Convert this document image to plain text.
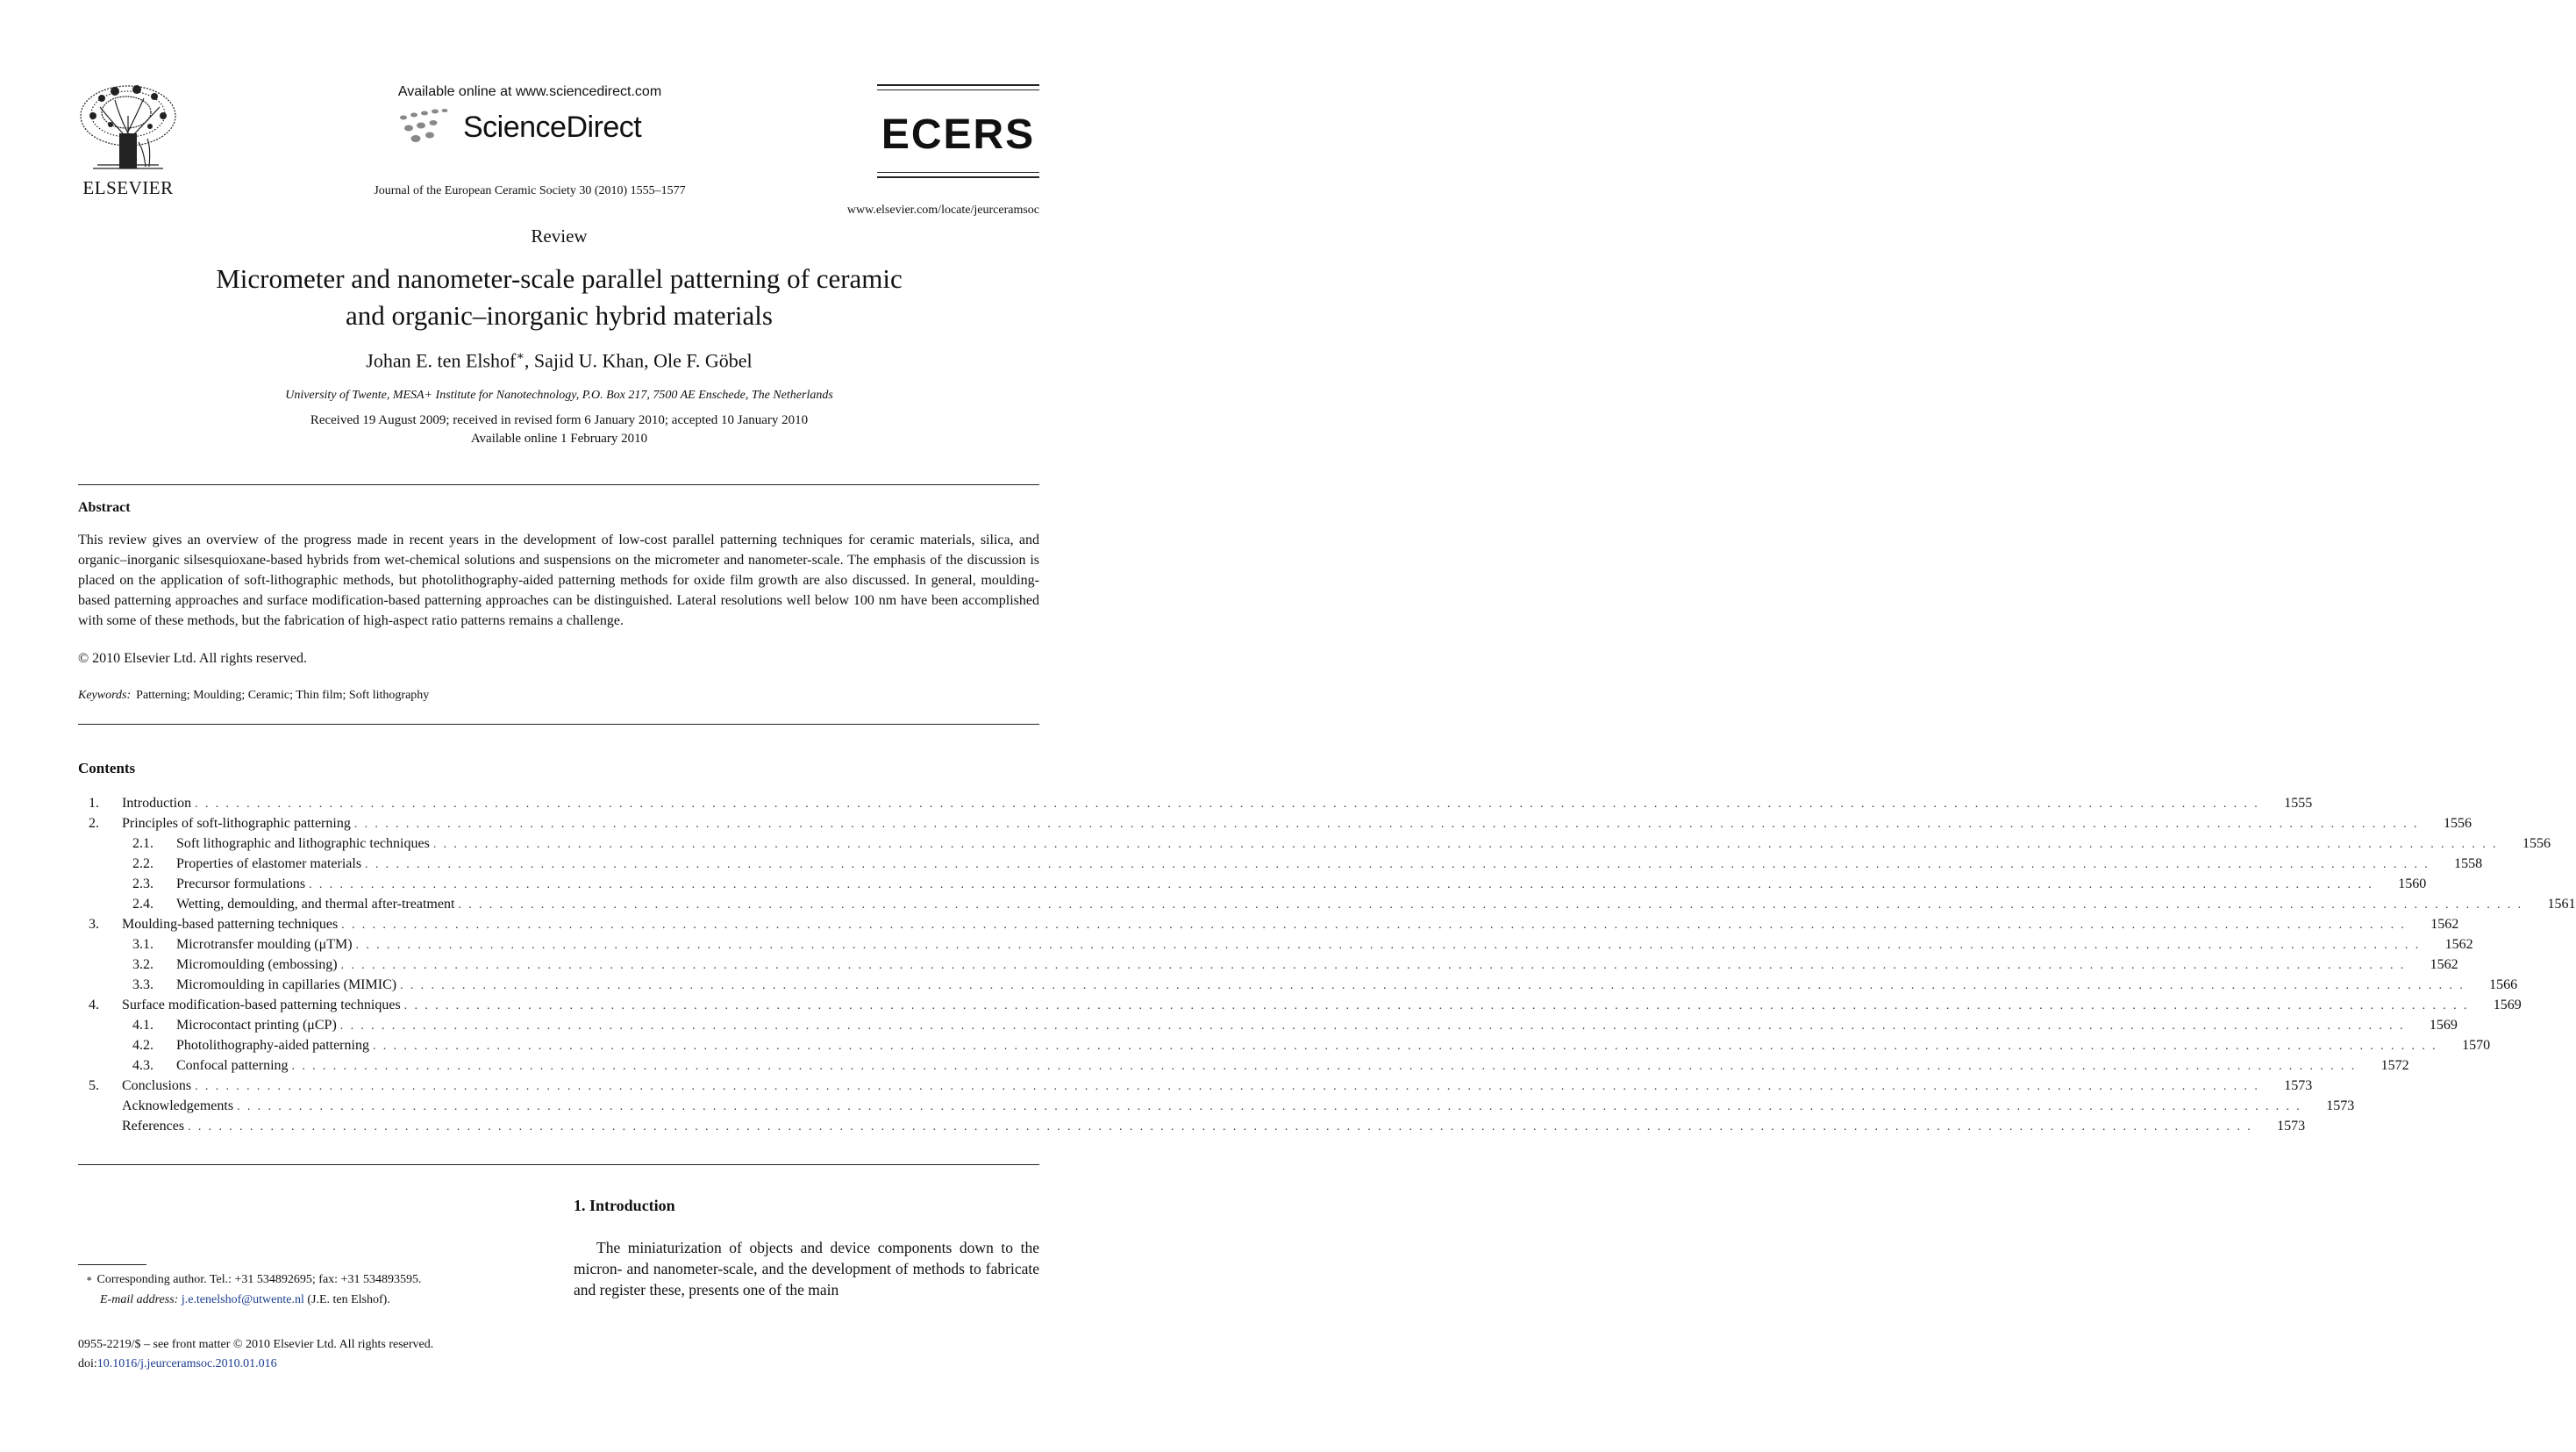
ELSEVIER
Available online at www.sciencedirect.com
ScienceDirect
Journal of the European Ceramic Society 30 (2010) 1555–1577
ECERS
www.elsevier.com/locate/jeurceramsoc
Review
Micrometer and nanometer-scale parallel patterning of ceramic
and organic–inorganic hybrid materials
Johan E. ten Elshof∗, Sajid U. Khan, Ole F. Göbel
University of Twente, MESA+ Institute for Nanotechnology, P.O. Box 217, 7500 AE Enschede, The Netherlands
Received 19 August 2009; received in revised form 6 January 2010; accepted 10 January 2010
Available online 1 February 2010
Abstract
This review gives an overview of the progress made in recent years in the development of low-cost parallel patterning techniques for ceramic materials, silica, and organic–inorganic silsesquioxane-based hybrids from wet-chemical solutions and suspensions on the micrometer and nanometer-scale. The emphasis of the discussion is placed on the application of soft-lithographic methods, but photolithography-aided patterning methods for oxide film growth are also discussed. In general, moulding-based patterning approaches and surface modification-based patterning approaches can be distinguished. Lateral resolutions well below 100 nm have been accomplished with some of these methods, but the fabrication of high-aspect ratio patterns remains a challenge.
© 2010 Elsevier Ltd. All rights reserved.
Keywords: Patterning; Moulding; Ceramic; Thin film; Soft lithography
Contents
1.	Introduction . . . . . . . . . . . . . . . . . . . . . . . . . . . . . . . . . . . . . . . . . . . . . . . . . . . . . . . . . . . . . . . . . . . . . . . . . . . . . . . . . . . . . . . . . . . . . . . . . . . . . . . . . . . . . . . . . . . . . . . . . . . . . . . . . . . . . . . . . . . . . . . . . . . . . . . . . . . . . . . . . . . . . . . . . . . . . . . . . . . . . . . . . . . . . . . . . . . . . . . .	1555
2.	Principles of soft-lithographic patterning . . . . . . . . . . . . . . . . . . . . . . . . . . . . . . . . . . . . . . . . . . . . . . . . . . . . . . . . . . . . . . . . . . . . . . . . . . . . . . . . . . . . . . . . . . . . . . . . . . . . . . . . . . . . . . . . . . . . . . . . . . . . . . . . . . . . . . . . . . . . . . . . . . . . . . . . . . . . . . . . . . . . . . . . . . . . . . . . . . . . . . . . . . . . . . . . . . . . . . . .	1556
2.1.	Soft lithographic and lithographic techniques . . . . . . . . . . . . . . . . . . . . . . . . . . . . . . . . . . . . . . . . . . . . . . . . . . . . . . . . . . . . . . . . . . . . . . . . . . . . . . . . . . . . . . . . . . . . . . . . . . . . . . . . . . . . . . . . . . . . . . . . . . . . . . . . . . . . . . . . . . . . . . . . . . . . . . . . . . . . . . . . . . . . . . . . . . . . . . . . . . . . . . . . . . . . . . . . . . . . . . . .	1556
2.2.	Properties of elastomer materials . . . . . . . . . . . . . . . . . . . . . . . . . . . . . . . . . . . . . . . . . . . . . . . . . . . . . . . . . . . . . . . . . . . . . . . . . . . . . . . . . . . . . . . . . . . . . . . . . . . . . . . . . . . . . . . . . . . . . . . . . . . . . . . . . . . . . . . . . . . . . . . . . . . . . . . . . . . . . . . . . . . . . . . . . . . . . . . . . . . . . . . . . . . . . . . . . . . . . . . .	1558
2.3.	Precursor formulations . . . . . . . . . . . . . . . . . . . . . . . . . . . . . . . . . . . . . . . . . . . . . . . . . . . . . . . . . . . . . . . . . . . . . . . . . . . . . . . . . . . . . . . . . . . . . . . . . . . . . . . . . . . . . . . . . . . . . . . . . . . . . . . . . . . . . . . . . . . . . . . . . . . . . . . . . . . . . . . . . . . . . . . . . . . . . . . . . . . . . . . . . . . . . . . . . . . . . . . .	1560
2.4.	Wetting, demoulding, and thermal after-treatment . . . . . . . . . . . . . . . . . . . . . . . . . . . . . . . . . . . . . . . . . . . . . . . . . . . . . . . . . . . . . . . . . . . . . . . . . . . . . . . . . . . . . . . . . . . . . . . . . . . . . . . . . . . . . . . . . . . . . . . . . . . . . . . . . . . . . . . . . . . . . . . . . . . . . . . . . . . . . . . . . . . . . . . . . . . . . . . . . . . . . . . . . . . . . . . . . . . . . . . .	1561
3.	Moulding-based patterning techniques . . . . . . . . . . . . . . . . . . . . . . . . . . . . . . . . . . . . . . . . . . . . . . . . . . . . . . . . . . . . . . . . . . . . . . . . . . . . . . . . . . . . . . . . . . . . . . . . . . . . . . . . . . . . . . . . . . . . . . . . . . . . . . . . . . . . . . . . . . . . . . . . . . . . . . . . . . . . . . . . . . . . . . . . . . . . . . . . . . . . . . . . . . . . . . . . . . . . . . . .	1562
3.1.	Microtransfer moulding (μTM) . . . . . . . . . . . . . . . . . . . . . . . . . . . . . . . . . . . . . . . . . . . . . . . . . . . . . . . . . . . . . . . . . . . . . . . . . . . . . . . . . . . . . . . . . . . . . . . . . . . . . . . . . . . . . . . . . . . . . . . . . . . . . . . . . . . . . . . . . . . . . . . . . . . . . . . . . . . . . . . . . . . . . . . . . . . . . . . . . . . . . . . . . . . . . . . . . . . . . . . .	1562
3.2.	Micromoulding (embossing) . . . . . . . . . . . . . . . . . . . . . . . . . . . . . . . . . . . . . . . . . . . . . . . . . . . . . . . . . . . . . . . . . . . . . . . . . . . . . . . . . . . . . . . . . . . . . . . . . . . . . . . . . . . . . . . . . . . . . . . . . . . . . . . . . . . . . . . . . . . . . . . . . . . . . . . . . . . . . . . . . . . . . . . . . . . . . . . . . . . . . . . . . . . . . . . . . . . . . . . .	1562
3.3.	Micromoulding in capillaries (MIMIC) . . . . . . . . . . . . . . . . . . . . . . . . . . . . . . . . . . . . . . . . . . . . . . . . . . . . . . . . . . . . . . . . . . . . . . . . . . . . . . . . . . . . . . . . . . . . . . . . . . . . . . . . . . . . . . . . . . . . . . . . . . . . . . . . . . . . . . . . . . . . . . . . . . . . . . . . . . . . . . . . . . . . . . . . . . . . . . . . . . . . . . . . . . . . . . . . . . . . . . . .	1566
4.	Surface modification-based patterning techniques . . . . . . . . . . . . . . . . . . . . . . . . . . . . . . . . . . . . . . . . . . . . . . . . . . . . . . . . . . . . . . . . . . . . . . . . . . . . . . . . . . . . . . . . . . . . . . . . . . . . . . . . . . . . . . . . . . . . . . . . . . . . . . . . . . . . . . . . . . . . . . . . . . . . . . . . . . . . . . . . . . . . . . . . . . . . . . . . . . . . . . . . . . . . . . . . . . . . . . . .	1569
4.1.	Microcontact printing (μCP) . . . . . . . . . . . . . . . . . . . . . . . . . . . . . . . . . . . . . . . . . . . . . . . . . . . . . . . . . . . . . . . . . . . . . . . . . . . . . . . . . . . . . . . . . . . . . . . . . . . . . . . . . . . . . . . . . . . . . . . . . . . . . . . . . . . . . . . . . . . . . . . . . . . . . . . . . . . . . . . . . . . . . . . . . . . . . . . . . . . . . . . . . . . . . . . . . . . . . . . .	1569
4.2.	Photolithography-aided patterning . . . . . . . . . . . . . . . . . . . . . . . . . . . . . . . . . . . . . . . . . . . . . . . . . . . . . . . . . . . . . . . . . . . . . . . . . . . . . . . . . . . . . . . . . . . . . . . . . . . . . . . . . . . . . . . . . . . . . . . . . . . . . . . . . . . . . . . . . . . . . . . . . . . . . . . . . . . . . . . . . . . . . . . . . . . . . . . . . . . . . . . . . . . . . . . . . . . . . . . .	1570
4.3.	Confocal patterning . . . . . . . . . . . . . . . . . . . . . . . . . . . . . . . . . . . . . . . . . . . . . . . . . . . . . . . . . . . . . . . . . . . . . . . . . . . . . . . . . . . . . . . . . . . . . . . . . . . . . . . . . . . . . . . . . . . . . . . . . . . . . . . . . . . . . . . . . . . . . . . . . . . . . . . . . . . . . . . . . . . . . . . . . . . . . . . . . . . . . . . . . . . . . . . . . . . . . . . .	1572
5.	Conclusions . . . . . . . . . . . . . . . . . . . . . . . . . . . . . . . . . . . . . . . . . . . . . . . . . . . . . . . . . . . . . . . . . . . . . . . . . . . . . . . . . . . . . . . . . . . . . . . . . . . . . . . . . . . . . . . . . . . . . . . . . . . . . . . . . . . . . . . . . . . . . . . . . . . . . . . . . . . . . . . . . . . . . . . . . . . . . . . . . . . . . . . . . . . . . . . . . . . . . . . .	1573
Acknowledgements . . . . . . . . . . . . . . . . . . . . . . . . . . . . . . . . . . . . . . . . . . . . . . . . . . . . . . . . . . . . . . . . . . . . . . . . . . . . . . . . . . . . . . . . . . . . . . . . . . . . . . . . . . . . . . . . . . . . . . . . . . . . . . . . . . . . . . . . . . . . . . . . . . . . . . . . . . . . . . . . . . . . . . . . . . . . . . . . . . . . . . . . . . . . . . . . . . . . . . . .	1573
References . . . . . . . . . . . . . . . . . . . . . . . . . . . . . . . . . . . . . . . . . . . . . . . . . . . . . . . . . . . . . . . . . . . . . . . . . . . . . . . . . . . . . . . . . . . . . . . . . . . . . . . . . . . . . . . . . . . . . . . . . . . . . . . . . . . . . . . . . . . . . . . . . . . . . . . . . . . . . . . . . . . . . . . . . . . . . . . . . . . . . . . . . . . . . . . . . . . . . . . .	1573
1. Introduction
The miniaturization of objects and device components down to the micron- and nanometer-scale, and the development of methods to fabricate and register these, presents one of the main
∗ Corresponding author. Tel.: +31 534892695; fax: +31 534893595.
E-mail address: j.e.tenelshof@utwente.nl (J.E. ten Elshof).
0955-2219/$ – see front matter © 2010 Elsevier Ltd. All rights reserved.
doi:10.1016/j.jeurceramsoc.2010.01.016
